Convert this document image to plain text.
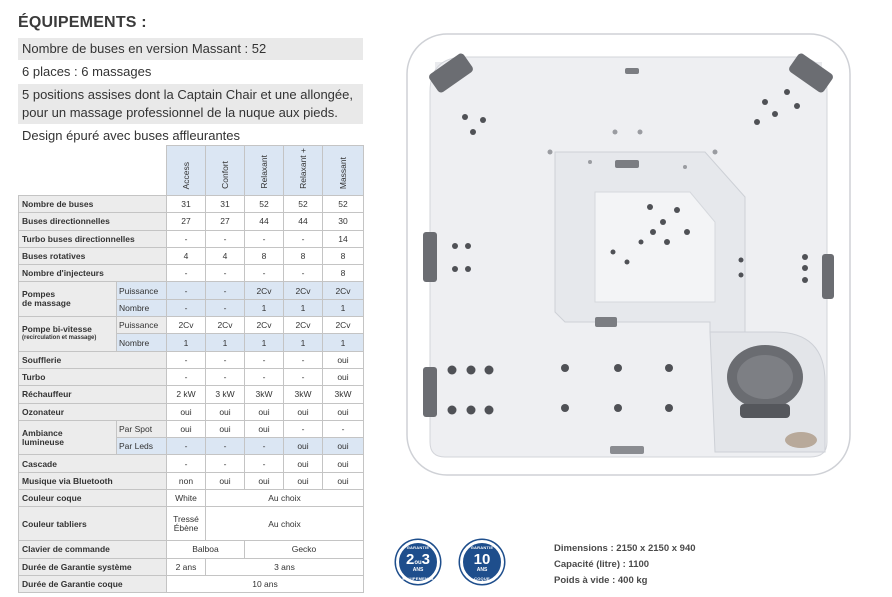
ÉQUIPEMENTS :
Nombre de buses en version Massant : 52
6 places : 6 massages
5 positions assises dont la Captain Chair et une allongée, pour un massage professionnel de la nuque aux pieds.
Design épuré avec buses affleurantes
		Access	Confort	Relaxant	Relaxant +	Massant
Nombre de buses		31	31	52	52	52
Buses directionnelles		27	27	44	44	30
Turbo buses directionnelles		-	-	-	-	14
Buses rotatives		4	4	8	8	8
Nombre d'injecteurs		-	-	-	-	8

Pompes
de massage	Puissance	-	-	2Cv	2Cv	2Cv
	Nombre	-	-	1	1	1

Pompe bi-vitesse
(recirculation et massage)	Puissance	2Cv	2Cv	2Cv	2Cv	2Cv
	Nombre	1	1	1	1	1
Soufflerie		-	-	-	-	oui
Turbo		-	-	-	-	oui
Réchauffeur		2 kW	3 kW	3kW	3kW	3kW
Ozonateur		oui	oui	oui	oui	oui

Ambiance
lumineuse	Par Spot	oui	oui	oui	-	-
	Par Leds	-	-	-	oui	oui
Cascade		-	-	-	oui	oui
Musique via Bluetooth		non	oui	oui	oui	oui
Couleur coque		White	Au choix			
Couleur tabliers		Tressé
Ébène	Au choix			
Clavier de commande		Balboa		Gecko		
Durée de Garantie système		2 ans	3 ans			
Durée de Garantie coque		10 ans				
GARANTIE
2ou3
ANS
ÉQUIPEMENTS
GARANTIE
10
ANS
COQUE
Dimensions : 2150 x 2150 x 940
Capacité (litre) : 1100
Poids à vide : 400 kg
